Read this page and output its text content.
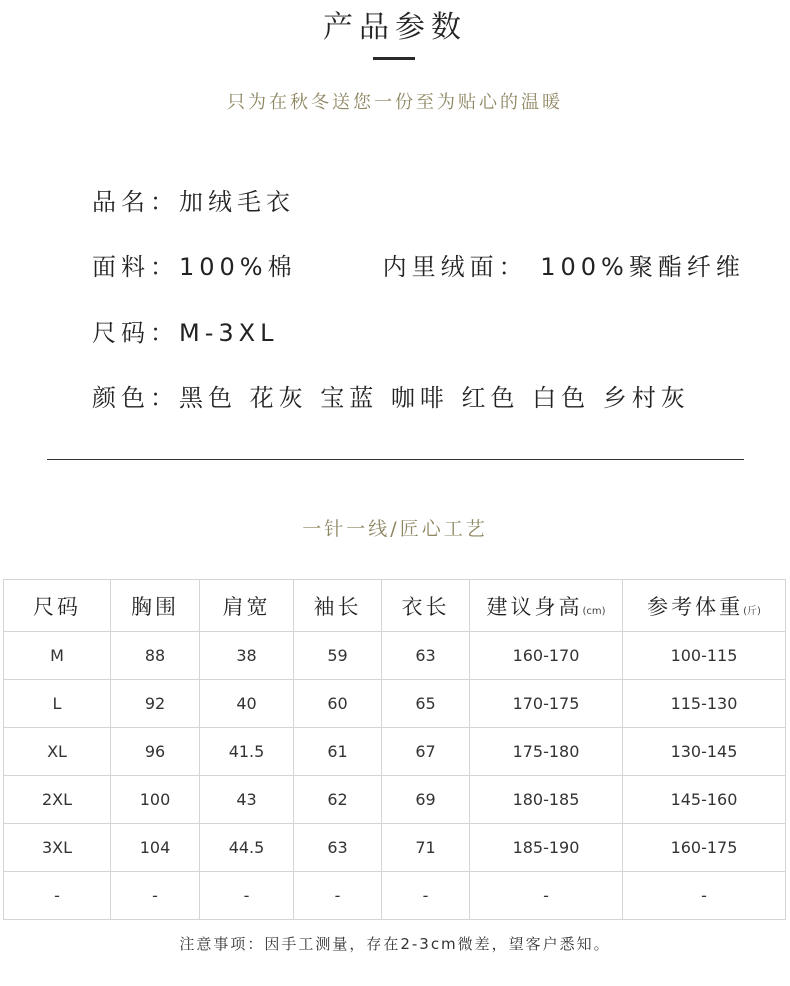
产品参数
只为在秋冬送您一份至为贴心的温暖
品名：加绒毛衣
面料：100%棉	内里绒面： 100%聚酯纤维
尺码：M-3XL
颜色：黑色 花灰 宝蓝 咖啡 红色 白色 乡村灰
一针一线/匠心工艺
尺码	胸围	肩宽	袖长	衣长	建议身高(cm)	参考体重(斤)
M	88	38	59	63	160-170	100-115
L	92	40	60	65	170-175	115-130
XL	96	41.5	61	67	175-180	130-145
2XL	100	43	62	69	180-185	145-160
3XL	104	44.5	63	71	185-190	160-175
-	-	-	-	-	-	-
注意事项：因手工测量，存在2-3cm微差，望客户悉知。
